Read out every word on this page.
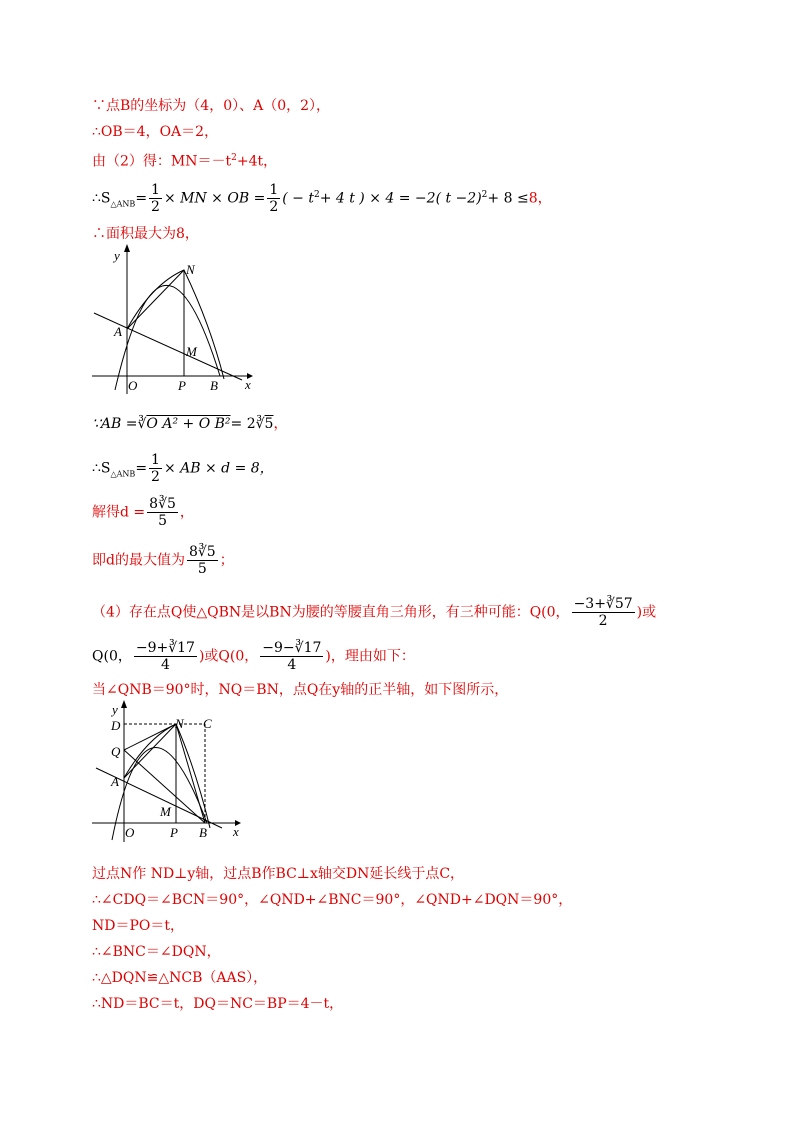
∵点B的坐标为（4，0）、A（0，2），
∴OB＝4，OA＝2，
由（2）得：$MN=-t^2+4t$，
$\therefore S_{\triangle ANB}= \frac{1}{2}$ × MN × OB = $\frac{1}{2}$ ( − $t^2+ 4$ t ) × 4 = −2( t −2)$^2$+ 8 ≤8，
∴面积最大为8，
y
N
A
M
O	P B x
∵AB =∛O A² + O B²= 2∛5，
$\therefore S_{\triangle ANB}= \frac{1}{2}$ × AB × d = 8，
解得$d = \frac{8∛5}{5}$ ，
即d的最大值为 $\frac{8∛5}{5}$ ；
（4）存在点Q使△QBN是以BN为腰的等腰直角三角形，有三种可能：Q(0， $\frac{-3+∛57}{2}$ )或
Q(0， $\frac{-9+∛17}{4}$ )或Q(0， $\frac{-9-∛17}{4}$ )，理由如下：
当∠QNB＝90°时，NQ＝BN，点Q在y轴的正半轴，如下图所示，
y
D	N C
Q
A
M
O	P B x
过点N作 ND⊥y轴，过点B作BC⊥x轴交DN延长线于点C，
∴∠CDQ＝∠BCN＝90°，∠QND+∠BNC＝90°，∠QND+∠DQN＝90°，
ND＝PO＝t，
∴∠BNC＝∠DQN，
∴△DQN≌△NCB（AAS），
∴ND＝BC＝t，DQ＝NC＝BP＝4－t，
